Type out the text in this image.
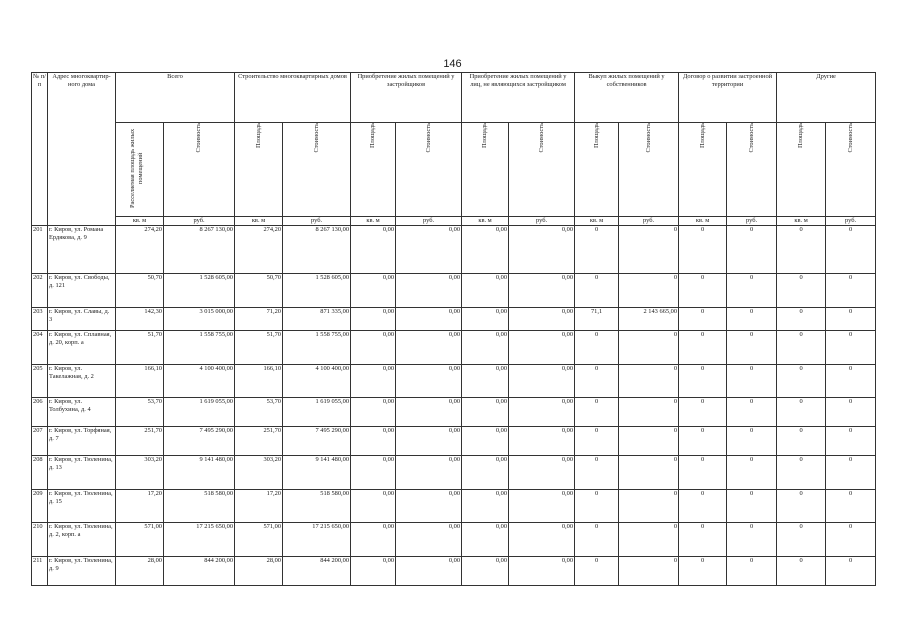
146
№ п/п	Адрес многоквартир-ного дома	Всего		Строительство многоквартирных домов		Приобретение жилых помещений у застройщиков		Приобретение жилых помещений у лиц, не являющихся застройщиком		Выкуп жилых помещений у собственников		Договор о развитии застроенной территории		Другие	
		Расселяемая площадь жилых помещений	Стоимость	Площадь	Стоимость	Площадь	Стоимость	Площадь	Стоимость	Площадь	Стоимость	Площадь	Стоимость	Площадь	Стоимость
		кв. м	руб.	кв. м	руб.	кв. м	руб.	кв. м	руб.	кв. м	руб.	кв. м	руб.	кв. м	руб.
201	г. Киров, ул. Романа Ердякова, д. 9	274,20	8 267 130,00	274,20	8 267 130,00	0,00	0,00	0,00	0,00	0	0	0	0	0	0
202	г. Киров, ул. Свободы, д. 121	50,70	1 528 605,00	50,70	1 528 605,00	0,00	0,00	0,00	0,00	0	0	0	0	0	0
203	г. Киров, ул. Славы, д. 3	142,30	3 015 000,00	71,20	871 335,00	0,00	0,00	0,00	0,00	71,1	2 143 665,00	0	0	0	0
204	г. Киров, ул. Сплавная, д. 20, корп. а	51,70	1 558 755,00	51,70	1 558 755,00	0,00	0,00	0,00	0,00	0	0	0	0	0	0
205	г. Киров, ул. Такелажная, д. 2	166,10	4 100 400,00	166,10	4 100 400,00	0,00	0,00	0,00	0,00	0	0	0	0	0	0
206	г. Киров, ул. Толбухина, д. 4	53,70	1 619 055,00	53,70	1 619 055,00	0,00	0,00	0,00	0,00	0	0	0	0	0	0
207	г. Киров, ул. Торфяная, д. 7	251,70	7 495 290,00	251,70	7 495 290,00	0,00	0,00	0,00	0,00	0	0	0	0	0	0
208	г. Киров, ул. Тюленина, д. 13	303,20	9 141 480,00	303,20	9 141 480,00	0,00	0,00	0,00	0,00	0	0	0	0	0	0
209	г. Киров, ул. Тюленина, д. 15	17,20	518 580,00	17,20	518 580,00	0,00	0,00	0,00	0,00	0	0	0	0	0	0
210	г. Киров, ул. Тюленина, д. 2, корп. а	571,00	17 215 650,00	571,00	17 215 650,00	0,00	0,00	0,00	0,00	0	0	0	0	0	0
211	г. Киров, ул. Тюленина, д. 9	28,00	844 200,00	28,00	844 200,00	0,00	0,00	0,00	0,00	0	0	0	0	0	0
